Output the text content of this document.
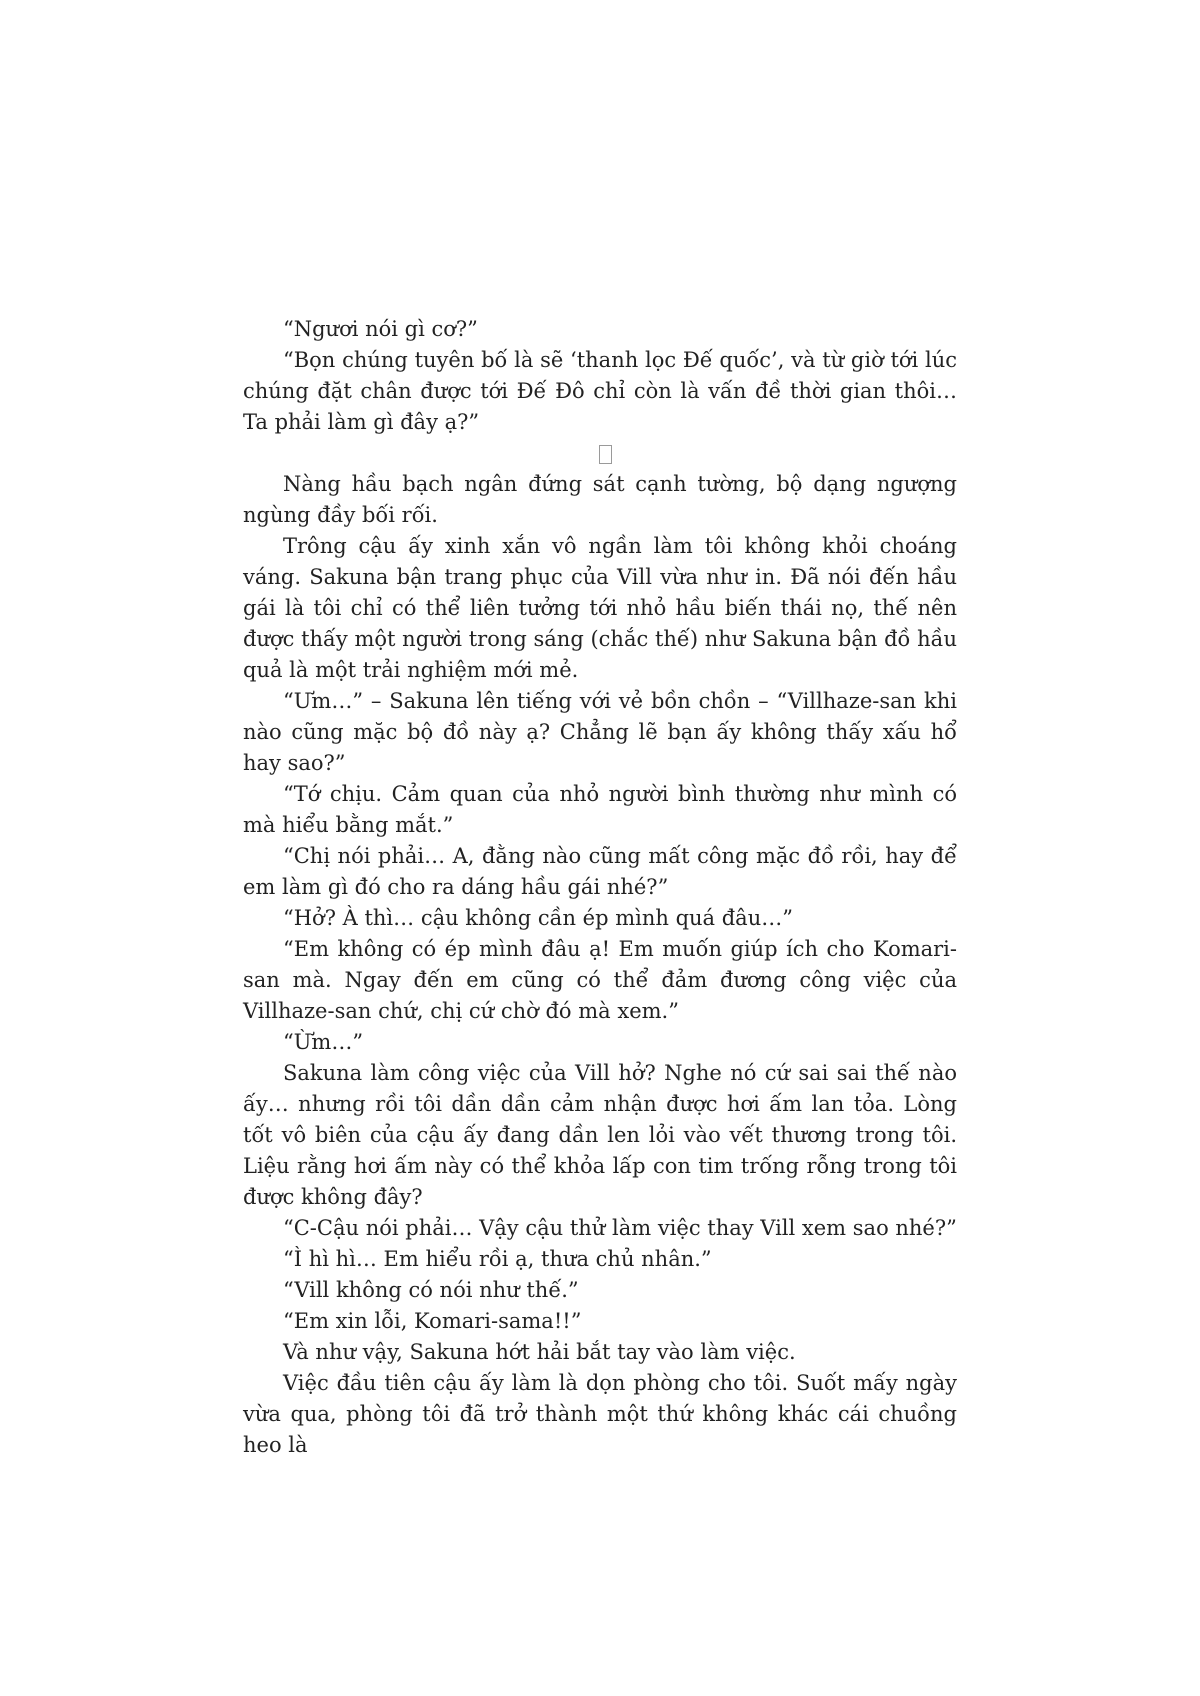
“Ngươi nói gì cơ?”

“Bọn chúng tuyên bố là sẽ ‘thanh lọc Đế quốc’, và từ giờ tới lúc chúng đặt chân được tới Đế Đô chỉ còn là vấn đề thời gian thôi… Ta phải làm gì đây ạ?”

Nàng hầu bạch ngân đứng sát cạnh tường, bộ dạng ngượng ngùng đầy bối rối.

Trông cậu ấy xinh xắn vô ngần làm tôi không khỏi choáng váng. Sakuna bận trang phục của Vill vừa như in. Đã nói đến hầu gái là tôi chỉ có thể liên tưởng tới nhỏ hầu biến thái nọ, thế nên được thấy một người trong sáng (chắc thế) như Sakuna bận đồ hầu quả là một trải nghiệm mới mẻ.

“Ưm…” – Sakuna lên tiếng với vẻ bồn chồn – “Villhaze-san khi nào cũng mặc bộ đồ này ạ? Chẳng lẽ bạn ấy không thấy xấu hổ hay sao?”

“Tớ chịu. Cảm quan của nhỏ người bình thường như mình có mà hiểu bằng mắt.”

“Chị nói phải… A, đằng nào cũng mất công mặc đồ rồi, hay để em làm gì đó cho ra dáng hầu gái nhé?”

“Hở? À thì… cậu không cần ép mình quá đâu…”

“Em không có ép mình đâu ạ! Em muốn giúp ích cho Komari-san mà. Ngay đến em cũng có thể đảm đương công việc của Villhaze-san chứ, chị cứ chờ đó mà xem.”

“Ừm…”

Sakuna làm công việc của Vill hở? Nghe nó cứ sai sai thế nào ấy… nhưng rồi tôi dần dần cảm nhận được hơi ấm lan tỏa. Lòng tốt vô biên của cậu ấy đang dần len lỏi vào vết thương trong tôi. Liệu rằng hơi ấm này có thể khỏa lấp con tim trống rỗng trong tôi được không đây?

“C-Cậu nói phải… Vậy cậu thử làm việc thay Vill xem sao nhé?”

“Ì hì hì… Em hiểu rồi ạ, thưa chủ nhân.”

“Vill không có nói như thế.”

“Em xin lỗi, Komari-sama!!”

Và như vậy, Sakuna hớt hải bắt tay vào làm việc.

Việc đầu tiên cậu ấy làm là dọn phòng cho tôi. Suốt mấy ngày vừa qua, phòng tôi đã trở thành một thứ không khác cái chuồng heo là
